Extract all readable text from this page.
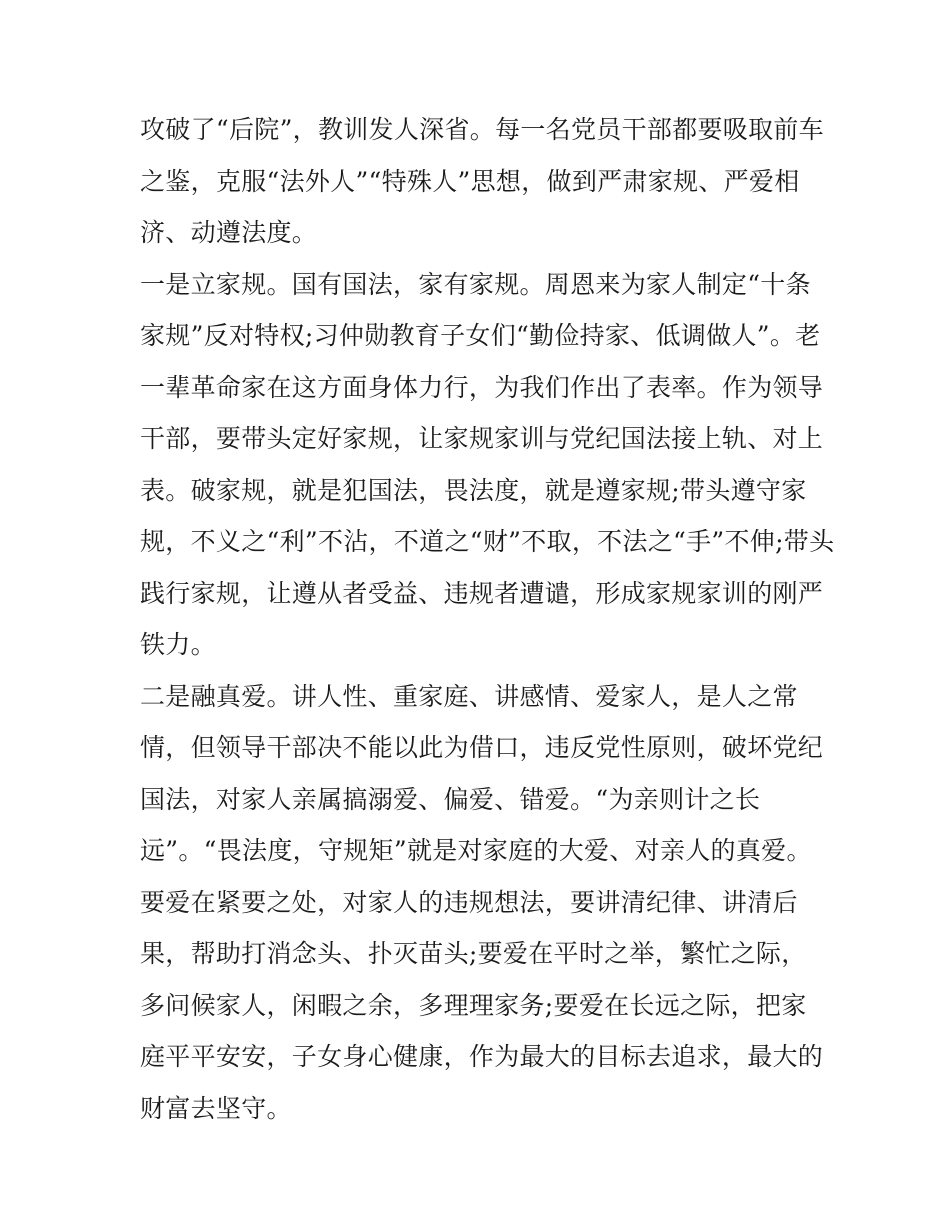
攻破了“后院”，教训发人深省。每一名党员干部都要吸取前车
之鉴，克服“法外人”“特殊人”思想，做到严肃家规、严爱相
济、动遵法度。
一是立家规。国有国法，家有家规。周恩来为家人制定“十条
家规”反对特权;习仲勋教育子女们“勤俭持家、低调做人”。老
一辈革命家在这方面身体力行，为我们作出了表率。作为领导
干部，要带头定好家规，让家规家训与党纪国法接上轨、对上
表。破家规，就是犯国法，畏法度，就是遵家规;带头遵守家
规，不义之“利”不沾，不道之“财”不取，不法之“手”不伸;带头
践行家规，让遵从者受益、违规者遭谴，形成家规家训的刚严
铁力。
二是融真爱。讲人性、重家庭、讲感情、爱家人，是人之常
情，但领导干部决不能以此为借口，违反党性原则，破坏党纪
国法，对家人亲属搞溺爱、偏爱、错爱。“为亲则计之长
远”。“畏法度，守规矩”就是对家庭的大爱、对亲人的真爱。
要爱在紧要之处，对家人的违规想法，要讲清纪律、讲清后
果，帮助打消念头、扑灭苗头;要爱在平时之举，繁忙之际，
多问候家人，闲暇之余，多理理家务;要爱在长远之际，把家
庭平平安安，子女身心健康，作为最大的目标去追求，最大的
财富去坚守。
